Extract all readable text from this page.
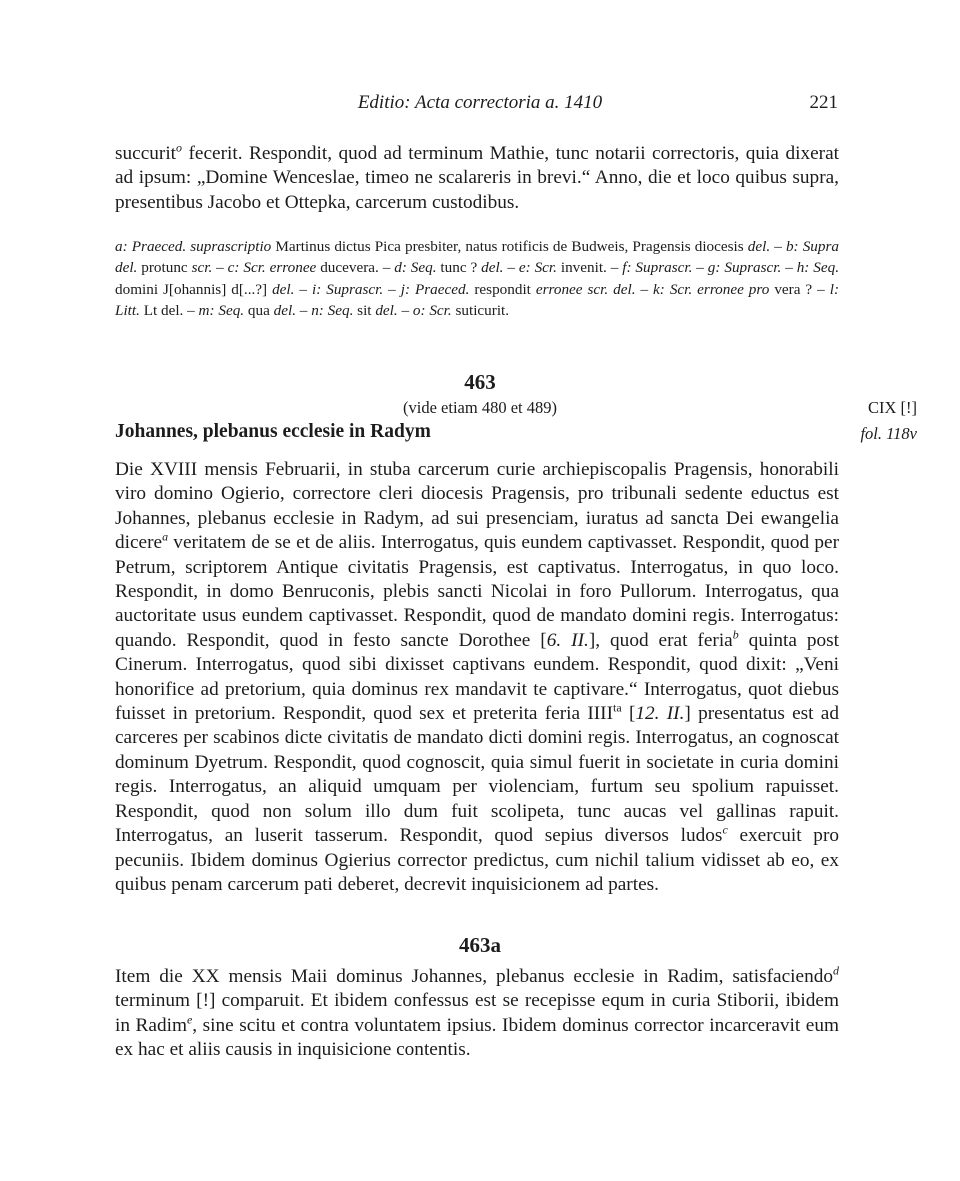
Editio: Acta correctoria a. 1410	221

succurit$^o$ fecerit. Respondit, quod ad terminum Mathie, tunc notarii correctoris, quia dixerat ad ipsum: „Domine Wenceslae, timeo ne scalareris in brevi.“ Anno, die et loco quibus supra, presentibus Jacobo et Ottepka, carcerum custodibus.

a: Praeced. suprascriptio Martinus dictus Pica presbiter, natus rotificis de Budweis, Pragensis diocesis del. – b: Supra del. protunc scr. – c: Scr. erronee ducevera. – d: Seq. tunc ? del. – e: Scr. invenit. – f: Suprascr. – g: Suprascr. – h: Seq. domini J[ohannis] d[...?] del. – i: Suprascr. – j: Praeced. respondit erronee scr. del. – k: Scr. erronee pro vera ? – l: Litt. Lt del. – m: Seq. qua del. – n: Seq. sit del. – o: Scr. suticurit.

463
(vide etiam 480 et 489)	CIX [!]
Johannes, plebanus ecclesie in Radym	fol. 118v

Die XVIII mensis Februarii, in stuba carcerum curie archiepiscopalis Pragensis, honorabili viro domino Ogierio, correctore cleri diocesis Pragensis, pro tribunali sedente eductus est Johannes, plebanus ecclesie in Radym, ad sui presenciam, iuratus ad sancta Dei ewangelia dicere$^a$ veritatem de se et de aliis. Interrogatus, quis eundem captivasset. Respondit, quod per Petrum, scriptorem Antique civitatis Pragensis, est captivatus. Interrogatus, in quo loco. Respondit, in domo Benruconis, plebis sancti Nicolai in foro Pullorum. Interrogatus, qua auctoritate usus eundem captivasset. Respondit, quod de mandato domini regis. Interrogatus: quando. Respondit, quod in festo sancte Dorothee [6. II.], quod erat feria$^b$ quinta post Cinerum. Interrogatus, quod sibi dixisset captivans eundem. Respondit, quod dixit: „Veni honorifice ad pretorium, quia dominus rex mandavit te captivare.“ Interrogatus, quot diebus fuisset in pretorium. Respondit, quod sex et preterita feria $IIII^{ta}$ [12. II.] presentatus est ad carceres per scabinos dicte civitatis de mandato dicti domini regis. Interrogatus, an cognoscat dominum Dyetrum. Respondit, quod cognoscit, quia simul fuerit in societate in curia domini regis. Interrogatus, an aliquid umquam per violenciam, furtum seu spolium rapuisset. Respondit, quod non solum illo dum fuit scolipeta, tunc aucas vel gallinas rapuit. Interrogatus, an luserit tasserum. Respondit, quod sepius diversos ludos$^c$ exercuit pro pecuniis. Ibidem dominus Ogierius corrector predictus, cum nichil talium vidisset ab eo, ex quibus penam carcerum pati deberet, decrevit inquisicionem ad partes.

463a

Item die XX mensis Maii dominus Johannes, plebanus ecclesie in Radim, satisfaciendo$^d$ terminum [!] comparuit. Et ibidem confessus est se recepisse equm in curia Stiborii, ibidem in Radim$^e$, sine scitu et contra voluntatem ipsius. Ibidem dominus corrector incarceravit eum ex hac et aliis causis in inquisicione contentis.
